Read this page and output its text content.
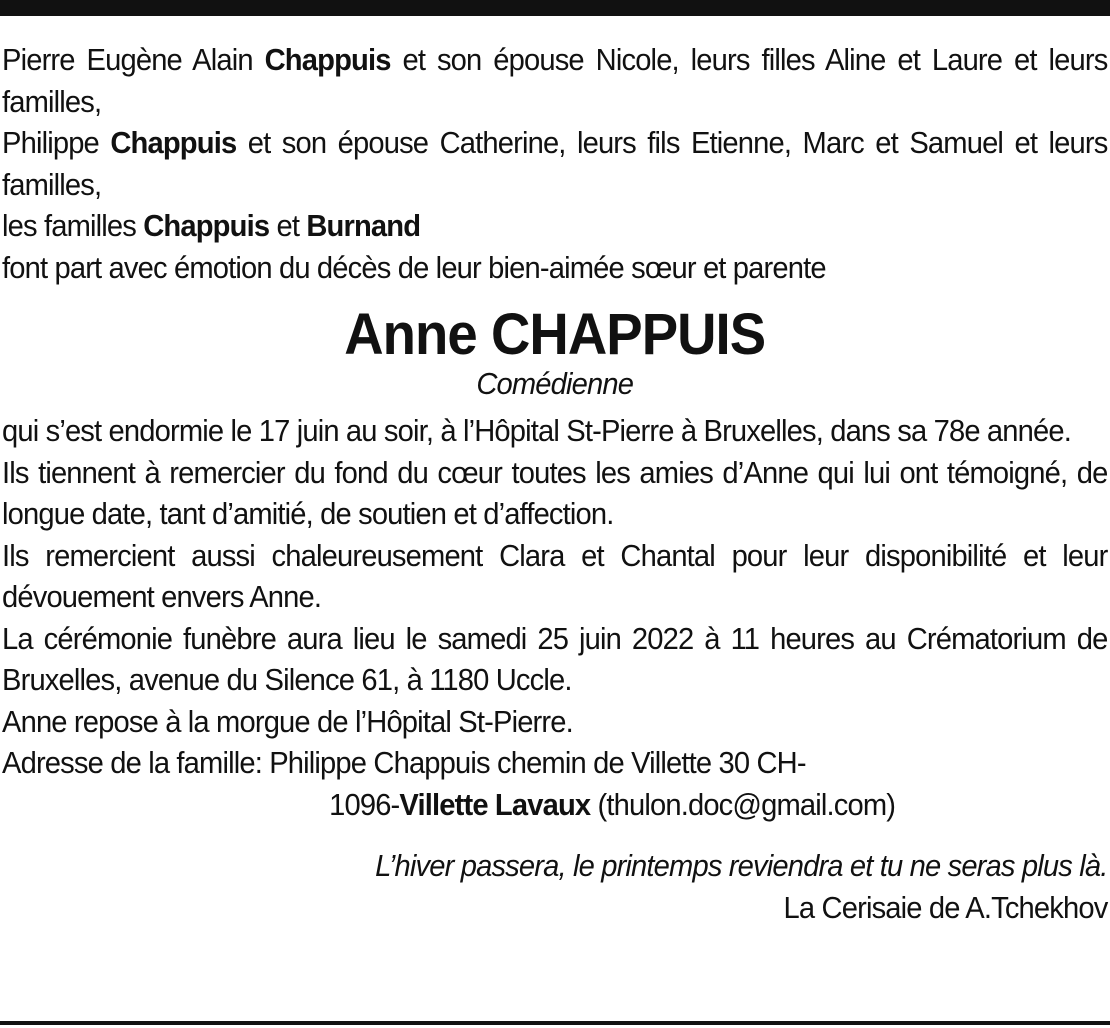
Pierre Eugène Alain Chappuis et son épouse Nicole, leurs filles Aline et Laure et leurs familles,

Philippe Chappuis et son épouse Catherine, leurs fils Etienne, Marc et Samuel et leurs familles,

les familles Chappuis et Burnand

font part avec émotion du décès de leur bien-aimée sœur et parente

Anne CHAPPUIS

Comédienne

qui s’est endormie le 17 juin au soir, à l’Hôpital St-Pierre à Bruxelles, dans sa 78e année.

Ils tiennent à remercier du fond du cœur toutes les amies d’Anne qui lui ont témoigné, de longue date, tant d’amitié, de soutien et d’affection.

Ils remercient aussi chaleureusement Clara et Chantal pour leur disponibilité et leur dévouement envers Anne.

La cérémonie funèbre aura lieu le samedi 25 juin 2022 à 11 heures au Crématorium de Bruxelles, avenue du Silence 61, à 1180 Uccle.

Anne repose à la morgue de l’Hôpital St-Pierre.

Adresse de la famille: Philippe Chappuis chemin de Villette 30 CH-

1096-Villette Lavaux (thulon.doc@gmail.com)

L’hiver passera, le printemps reviendra et tu ne seras plus là.

La Cerisaie de A.Tchekhov
